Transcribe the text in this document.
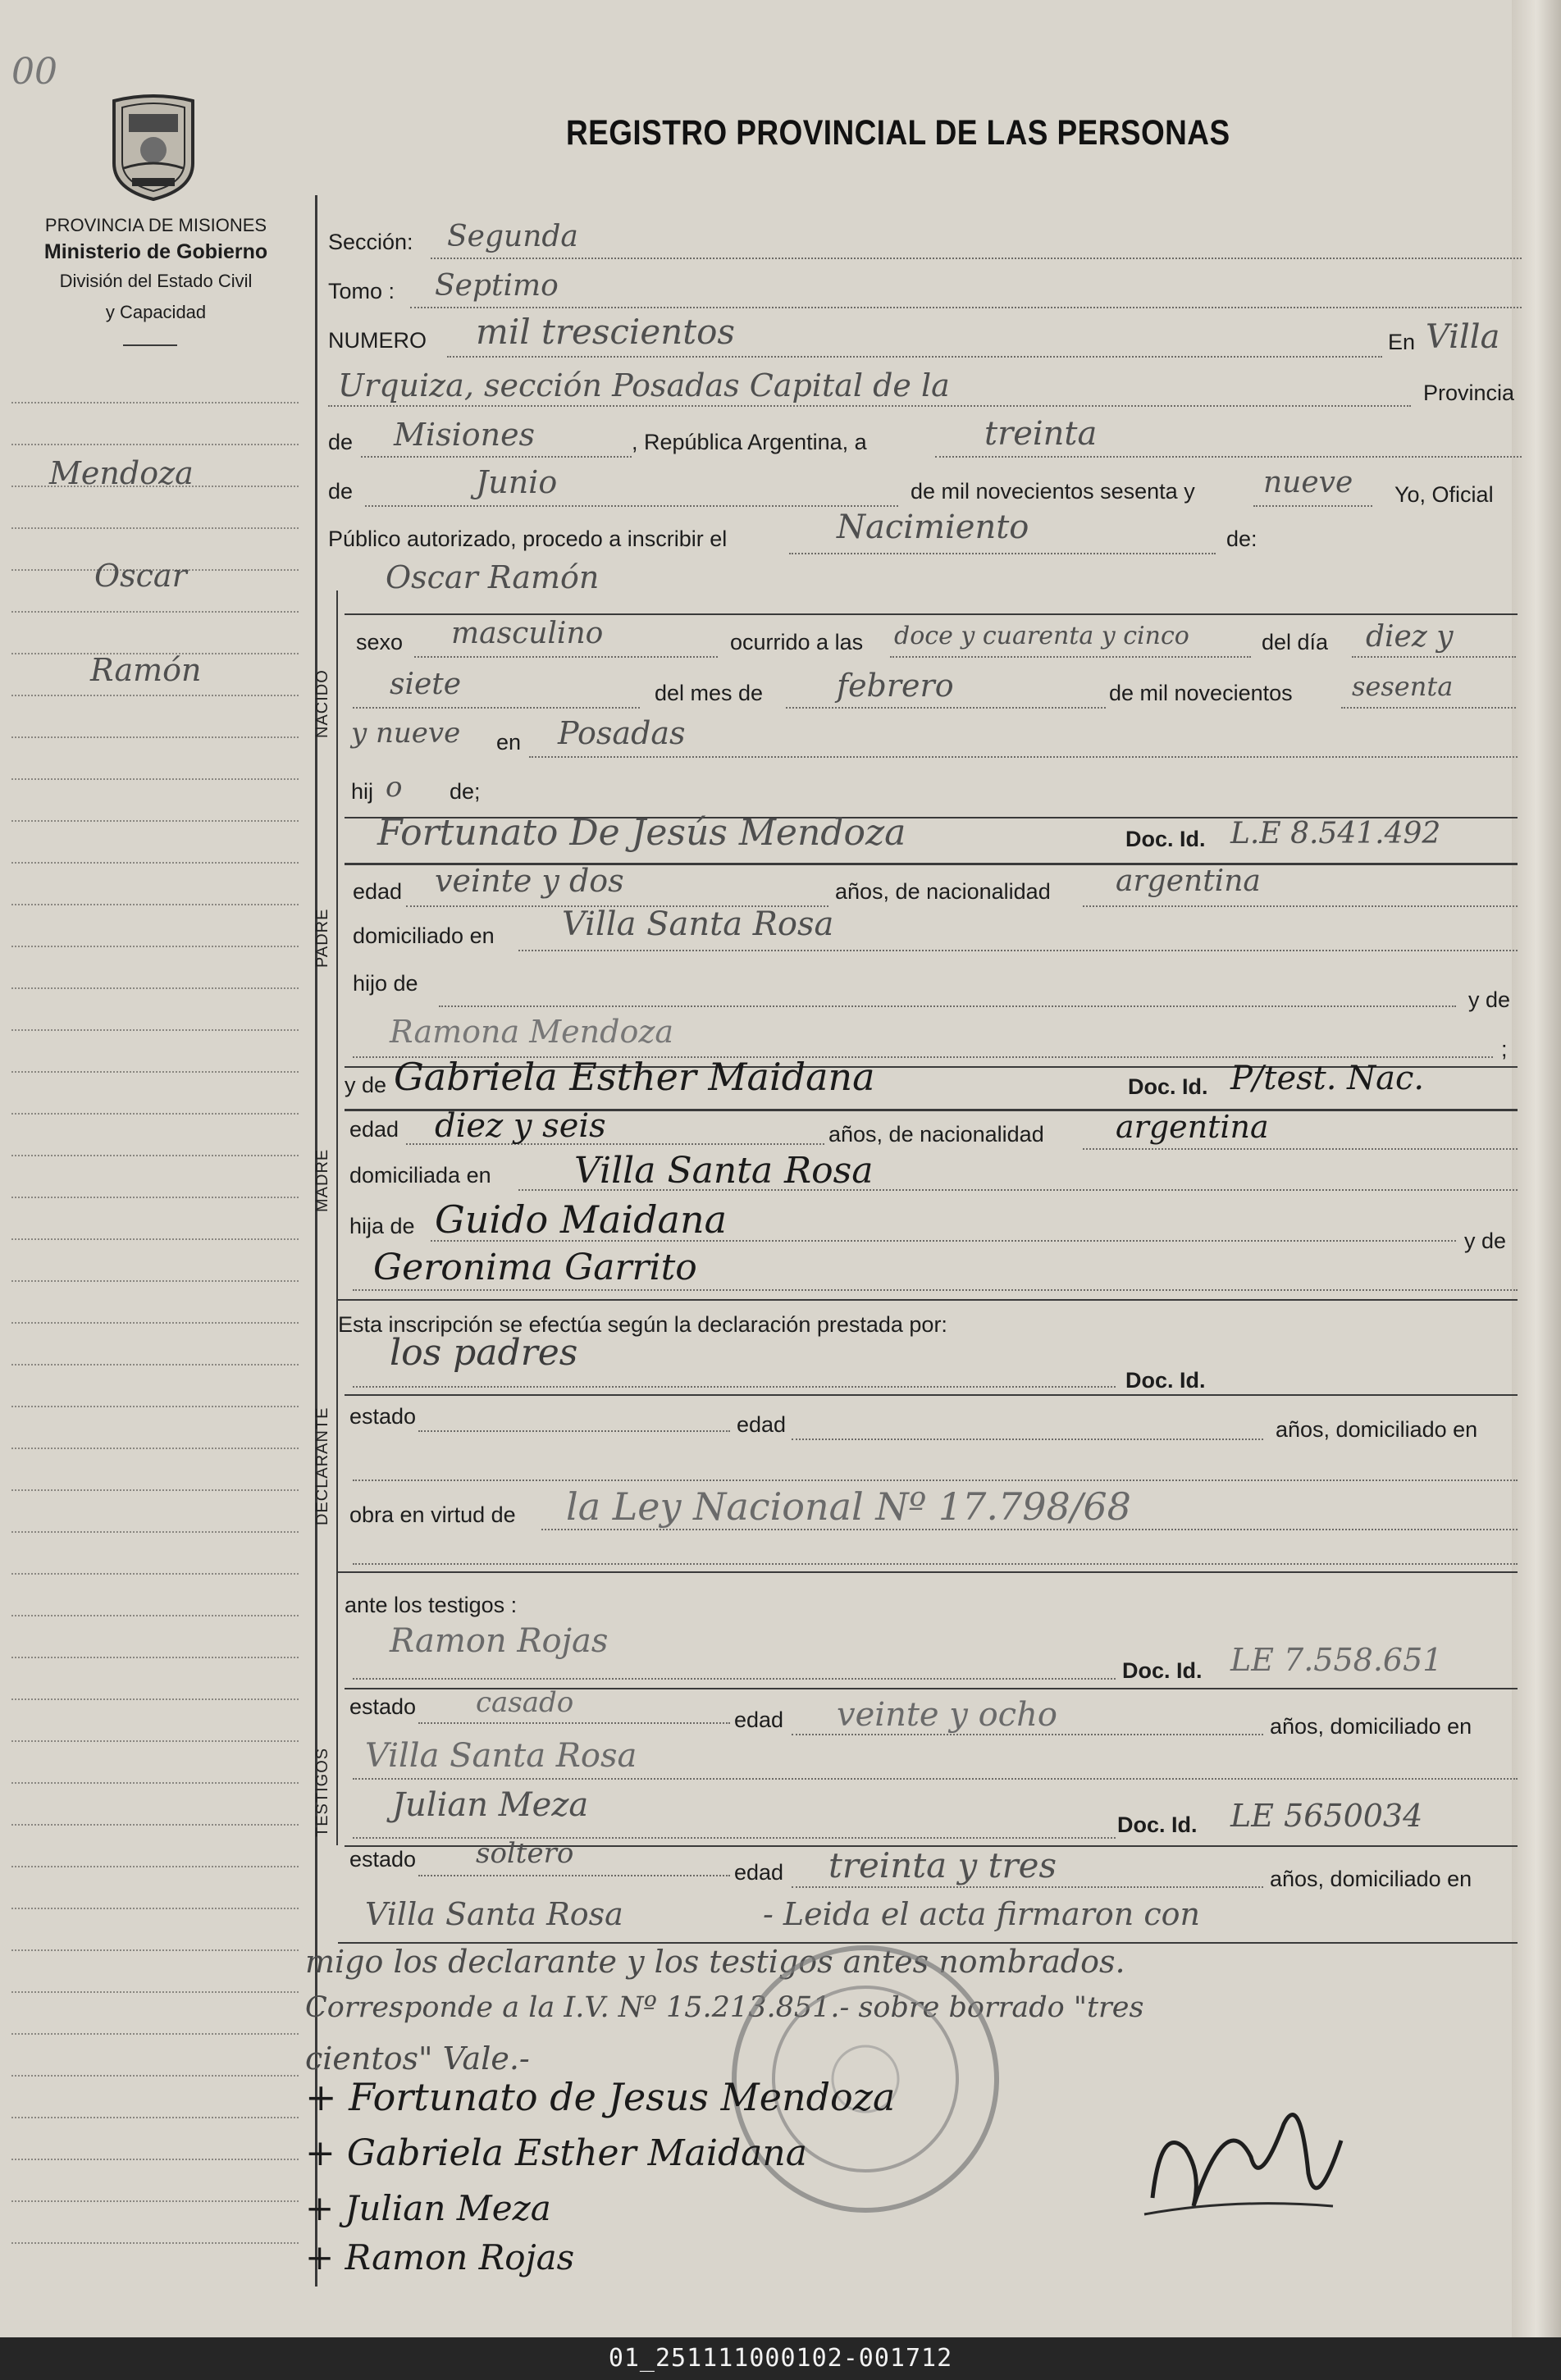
00
PROVINCIA DE MISIONES
Ministerio de Gobierno
División del Estado Civil
y Capacidad
REGISTRO PROVINCIAL DE LAS PERSONAS
Mendoza
Oscar
Ramón
Sección: Segunda
Tomo : Septimo
NUMERO mil trescientos	En Villa
Urquiza, sección Posadas Capital de la	Provincia
de Misiones	, República Argentina, a	treinta
de	Junio	de mil novecientos sesenta y nueve Yo, Oficial
Público autorizado, procedo a inscribir el	Nacimiento	de:
Oscar Ramón
NACIDO
sexo masculino	ocurrido a las doce y cuarenta y cinco	del día diez y
siete	del mes de febrero	de mil novecientos sesenta
y nueve en Posadas
hij o de;
PADRE
Fortunato De Jesús Mendoza	Doc. Id. L.E 8.541.492
edad veinte y dos	años, de nacionalidad argentina
domiciliado en Villa Santa Rosa
hijo de
y de
Ramona Mendoza	;
MADRE
y de Gabriela Esther Maidana	Doc. Id. P/test. Nac.
edad diez y seis	años, de nacionalidad argentina
domiciliada en Villa Santa Rosa
hija de Guido Maidana	y de
Geronima Garrito
Esta inscripción se efectúa según la declaración prestada por:
DECLARANTE
los padres
Doc. Id.
estado	edad	años, domiciliado en
obra en virtud de la Ley Nacional Nº 17.798/68
ante los testigos :
TESTIGOS
Ramon Rojas
Doc. Id. LE 7.558.651
estado casado
edad veinte y ocho	años, domiciliado en
Villa Santa Rosa
Julian Meza
Doc. Id. LE 5650034
estado soltero
edad treinta y tres	años, domiciliado en
Villa Santa Rosa	- Leida el acta firmaron con
migo los declarante y los testigos antes nombrados.
Corresponde a la I.V. Nº 15.213.851.- sobre borrado "tres
cientos" Vale.-
+ Fortunato de Jesus Mendoza
+ Gabriela Esther Maidana
+ Julian Meza
+ Ramon Rojas
01_251111000102-001712
